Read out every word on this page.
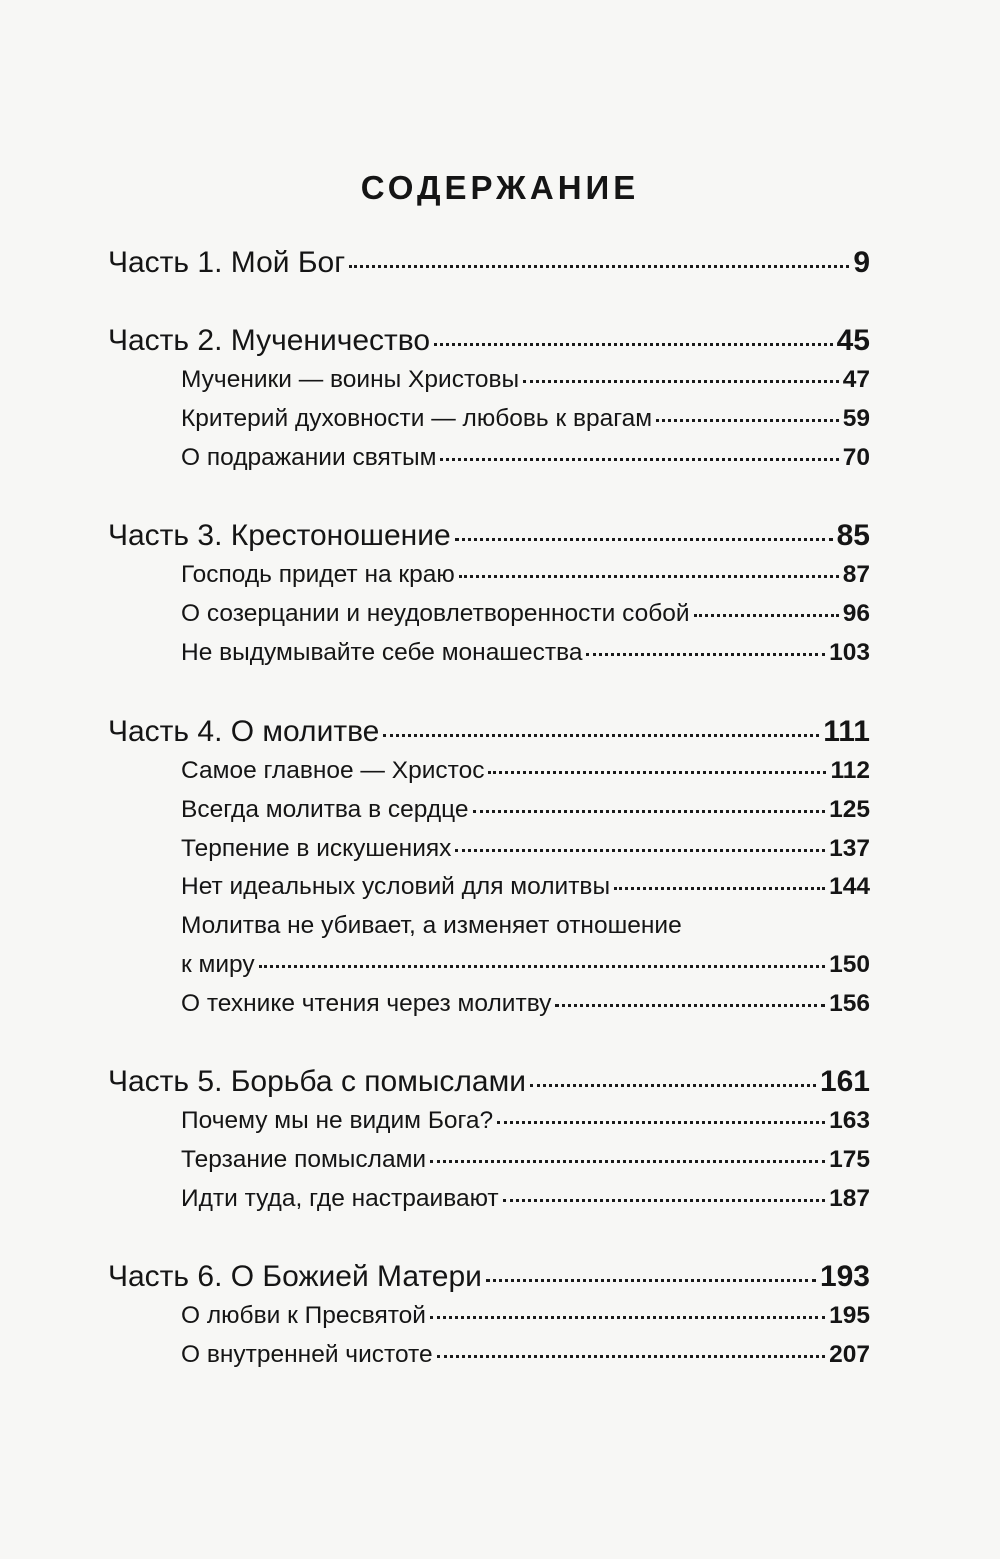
СОДЕРЖАНИЕ
Часть 1. Мой Бог	9
Часть 2. Мученичество	45
Мученики — воины Христовы	47
Критерий духовности — любовь к врагам	59
О подражании святым	70
Часть 3. Крестоношение	85
Господь придет на краю	87
О созерцании и неудовлетворенности собой	96
Не выдумывайте себе монашества	103
Часть 4. О молитве	111
Самое главное — Христос	112
Всегда молитва в сердце	125
Терпение в искушениях	137
Нет идеальных условий для молитвы	144
Молитва не убивает, а изменяет отношение
к миру	150
О технике чтения через молитву	156
Часть 5. Борьба с помыслами	161
Почему мы не видим Бога?	163
Терзание помыслами	175
Идти туда, где настраивают	187
Часть 6. О Божией Матери	193
О любви к Пресвятой	195
О внутренней чистоте	207
